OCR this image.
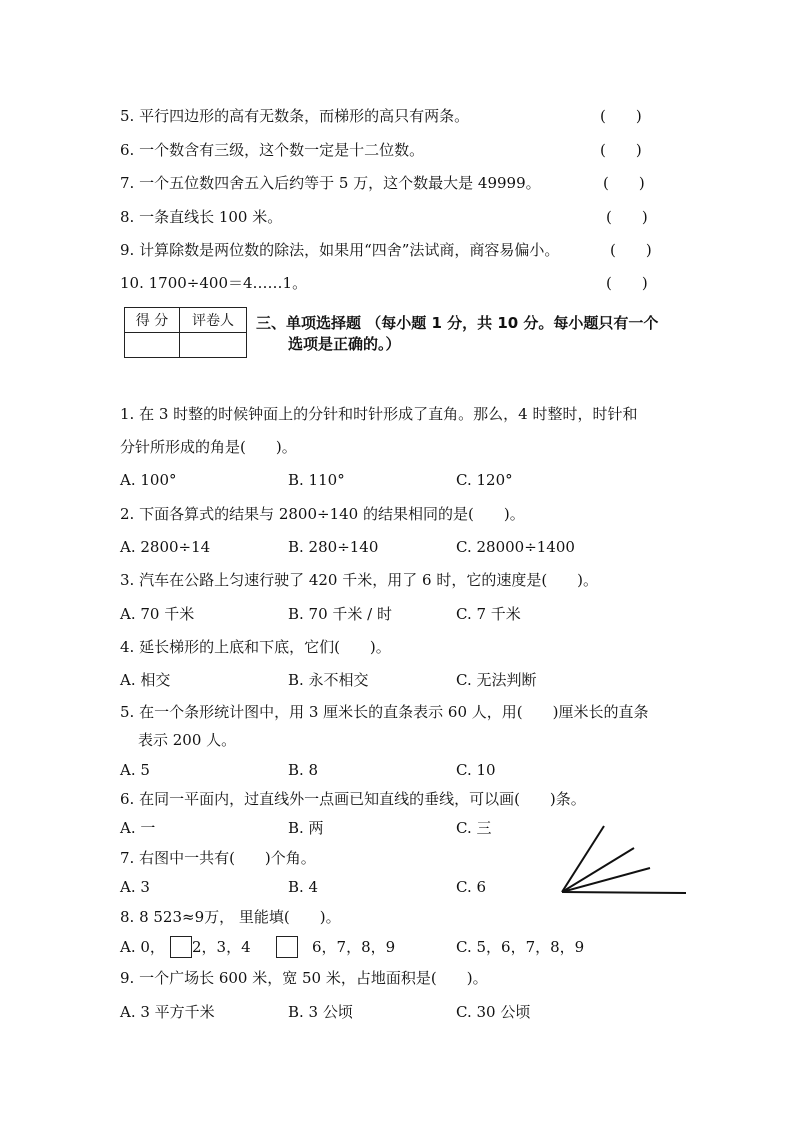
5. 平行四边形的高有无数条，而梯形的高只有两条。	(　　)
6. 一个数含有三级，这个数一定是十二位数。	(　　)
7. 一个五位数四舍五入后约等于 5 万，这个数最大是 49999。	(　　)
8. 一条直线长 100 米。	(　　)
9. 计算除数是两位数的除法，如果用“四舍”法试商，商容易偏小。	(　　)
10. 1700÷400＝4……1。	(　　)
得 分	评卷人
	三、单项选择题 （每小题 1 分，共 10 分。每小题只有一个
选项是正确的。）
1. 在 3 时整的时候钟面上的分针和时针形成了直角。那么，4 时整时，时针和
分针所形成的角是(　　)。
A. 100°	B. 110°	C. 120°
2. 下面各算式的结果与 2800÷140 的结果相同的是(　　)。
A. 2800÷14	B. 280÷140	C. 28000÷1400
3. 汽车在公路上匀速行驶了 420 千米，用了 6 时，它的速度是(　　)。
A. 70 千米	B. 70 千米 / 时	C. 7 千米
4. 延长梯形的上底和下底，它们(　　)。
A. 相交	B. 永不相交	C. 无法判断
5. 在一个条形统计图中，用 3 厘米长的直条表示 60 人，用(　　)厘米长的直条
表示 200 人。
A. 5	B. 8	C. 10
6. 在同一平面内，过直线外一点画已知直线的垂线，可以画(　　)条。
A. 一	B. 两	C. 三
7. 右图中一共有(　　)个角。
A. 3	B. 4	C. 6
8. 8 523≈9万， 里能填(　　)。
A. 0， 2，3，4	6，7，8，9	C. 5，6，7，8，9
9. 一个广场长 600 米，宽 50 米，占地面积是(　　)。
A. 3 平方千米	B. 3 公顷	C. 30 公顷
